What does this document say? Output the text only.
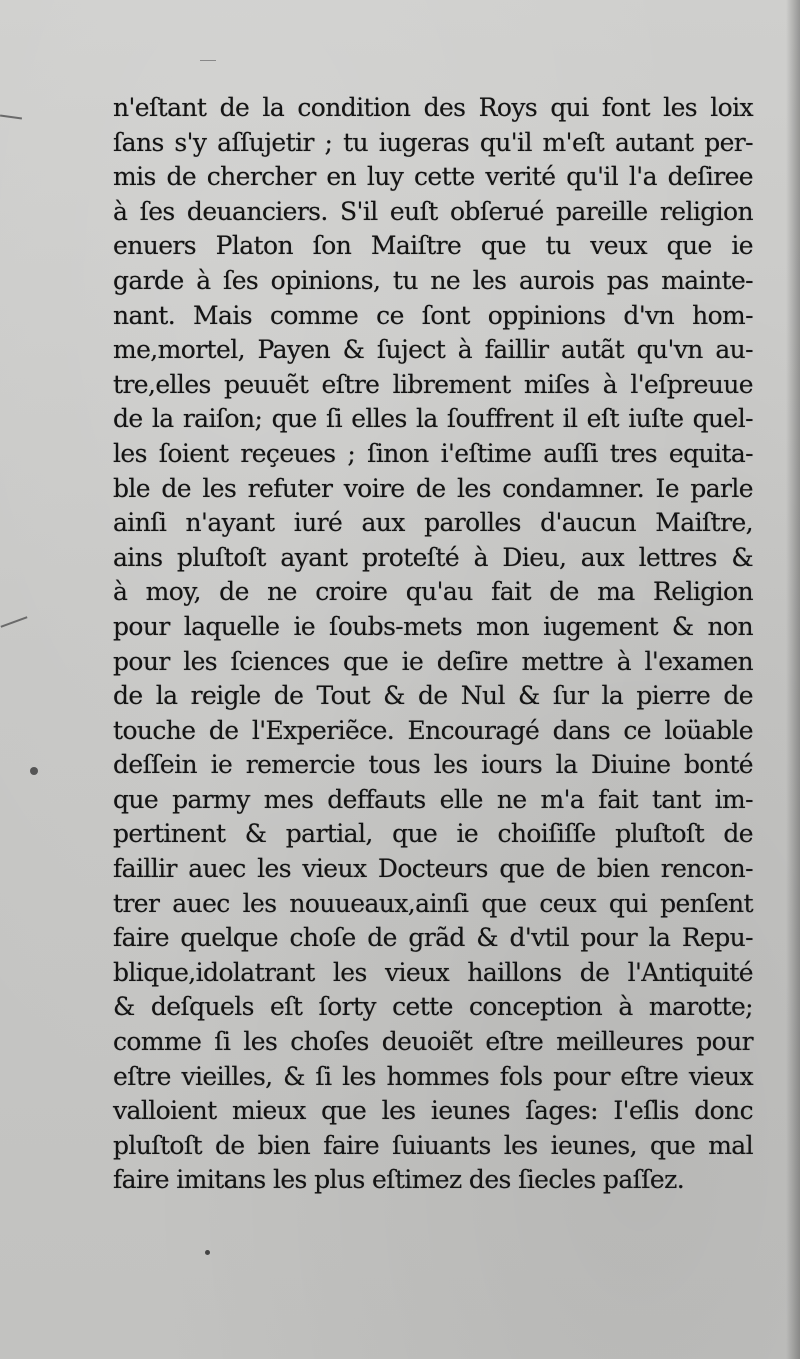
n'eſtant de la condition des Roys qui font les loix
ſans s'y aſſujetir ; tu iugeras qu'il m'eſt autant per-
mis de chercher en luy cette verité qu'il l'a deſiree
à ſes deuanciers. S'il euſt obſerué pareille religion
enuers Platon ſon Maiſtre que tu veux que ie
garde à ſes opinions, tu ne les aurois pas mainte-
nant. Mais comme ce ſont oppinions d'vn hom-
me,mortel, Payen & ſuject à faillir autãt qu'vn au-
tre,elles peuuẽt eſtre librement miſes à l'eſpreuue
de la raiſon; que ſi elles la ſouffrent il eſt iuſte quel-
les ſoient reçeues ; ſinon i'eſtime auſſi tres equita-
ble de les refuter voire de les condamner. Ie parle
ainſi n'ayant iuré aux parolles d'aucun Maiſtre,
ains pluſtoſt ayant proteſté à Dieu, aux lettres &
à moy, de ne croire qu'au fait de ma Religion
pour laquelle ie ſoubs-mets mon iugement & non
pour les ſciences que ie deſire mettre à l'examen
de la reigle de Tout & de Nul & ſur la pierre de
touche de l'Experiẽce. Encouragé dans ce loüable
deſſein ie remercie tous les iours la Diuine bonté
que parmy mes deffauts elle ne m'a fait tant im-
pertinent & partial, que ie choiſiſſe pluſtoſt de
faillir auec les vieux Docteurs que de bien rencon-
trer auec les nouueaux,ainſi que ceux qui penſent
faire quelque choſe de grãd & d'vtil pour la Repu-
blique,idolatrant les vieux haillons de l'Antiquité
& deſquels eſt ſorty cette conception à marotte;
comme ſi les choſes deuoiẽt eſtre meilleures pour
eſtre vieilles, & ſi les hommes fols pour eſtre vieux
valloient mieux que les ieunes ſages: I'eſlis donc
pluſtoſt de bien faire ſuiuants les ieunes, que mal
faire imitans les plus eſtimez des ſiecles paſſez.
